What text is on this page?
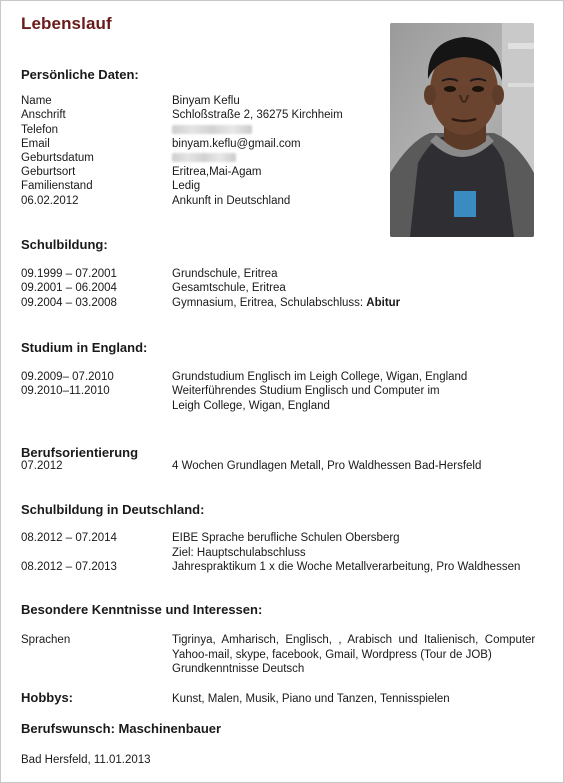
Lebenslauf
Persönliche Daten:
Name	Binyam Keflu
Anschrift	Schloßstraße 2, 36275 Kirchheim
Telefon
Email	binyam.keflu@gmail.com
Geburtsdatum
Geburtsort	Eritrea,Mai-Agam
Familienstand	Ledig
06.02.2012	Ankunft in Deutschland
Schulbildung:
09.1999 – 07.2001	Grundschule, Eritrea
09.2001 – 06.2004	Gesamtschule, Eritrea
09.2004 – 03.2008	Gymnasium, Eritrea, Schulabschluss: Abitur
Studium in England:
09.2009– 07.2010	Grundstudium Englisch im Leigh College, Wigan, England
09.2010–11.2010	Weiterführendes Studium Englisch und Computer im
Leigh College, Wigan, England
Berufsorientierung
07.2012	4 Wochen Grundlagen Metall, Pro Waldhessen Bad-Hersfeld
Schulbildung in Deutschland:
08.2012 – 07.2014	EIBE Sprache berufliche Schulen Obersberg
Ziel: Hauptschulabschluss
08.2012 – 07.2013	Jahrespraktikum 1 x die Woche Metallverarbeitung, Pro Waldhessen
Besondere Kenntnisse und Interessen:
Sprachen	Tigrinya,  Amharisch,  Englisch,  ,  Arabisch  und  Italienisch,  Computer
Yahoo-mail, skype, facebook, Gmail, Wordpress (Tour de JOB)
Grundkenntnisse Deutsch
Hobbys:	Kunst, Malen, Musik, Piano und Tanzen, Tennisspielen
Berufswunsch: Maschinenbauer
Bad Hersfeld, 11.01.2013
